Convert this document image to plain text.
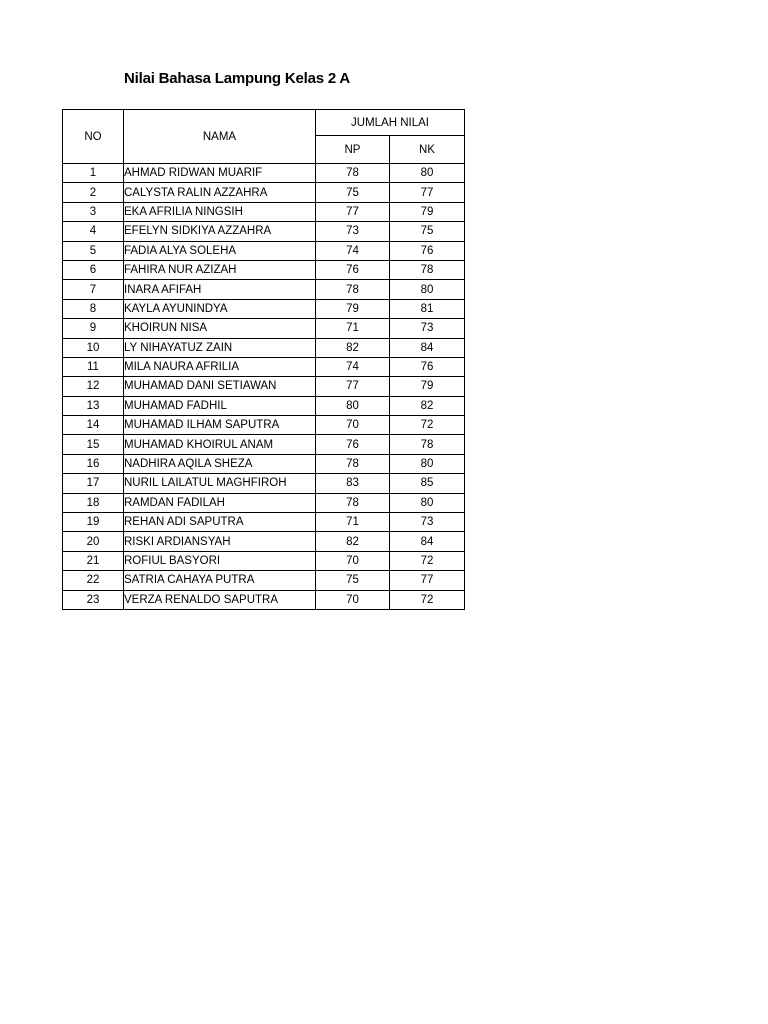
Nilai Bahasa Lampung Kelas 2 A
NO	NAMA	JUMLAH NILAI	
		NP	NK
1	AHMAD RIDWAN MUARIF	78	80
2	CALYSTA RALIN AZZAHRA	75	77
3	EKA AFRILIA NINGSIH	77	79
4	EFELYN SIDKIYA AZZAHRA	73	75
5	FADIA ALYA SOLEHA	74	76
6	FAHIRA NUR AZIZAH	76	78
7	INARA AFIFAH	78	80
8	KAYLA AYUNINDYA	79	81
9	KHOIRUN NISA	71	73
10	LY NIHAYATUZ ZAIN	82	84
11	MILA NAURA AFRILIA	74	76
12	MUHAMAD DANI SETIAWAN	77	79
13	MUHAMAD FADHIL	80	82
14	MUHAMAD ILHAM SAPUTRA	70	72
15	MUHAMAD KHOIRUL ANAM	76	78
16	NADHIRA AQILA SHEZA	78	80
17	NURIL LAILATUL MAGHFIROH	83	85
18	RAMDAN FADILAH	78	80
19	REHAN ADI SAPUTRA	71	73
20	RISKI ARDIANSYAH	82	84
21	ROFIUL BASYORI	70	72
22	SATRIA CAHAYA PUTRA	75	77
23	VERZA RENALDO SAPUTRA	70	72
